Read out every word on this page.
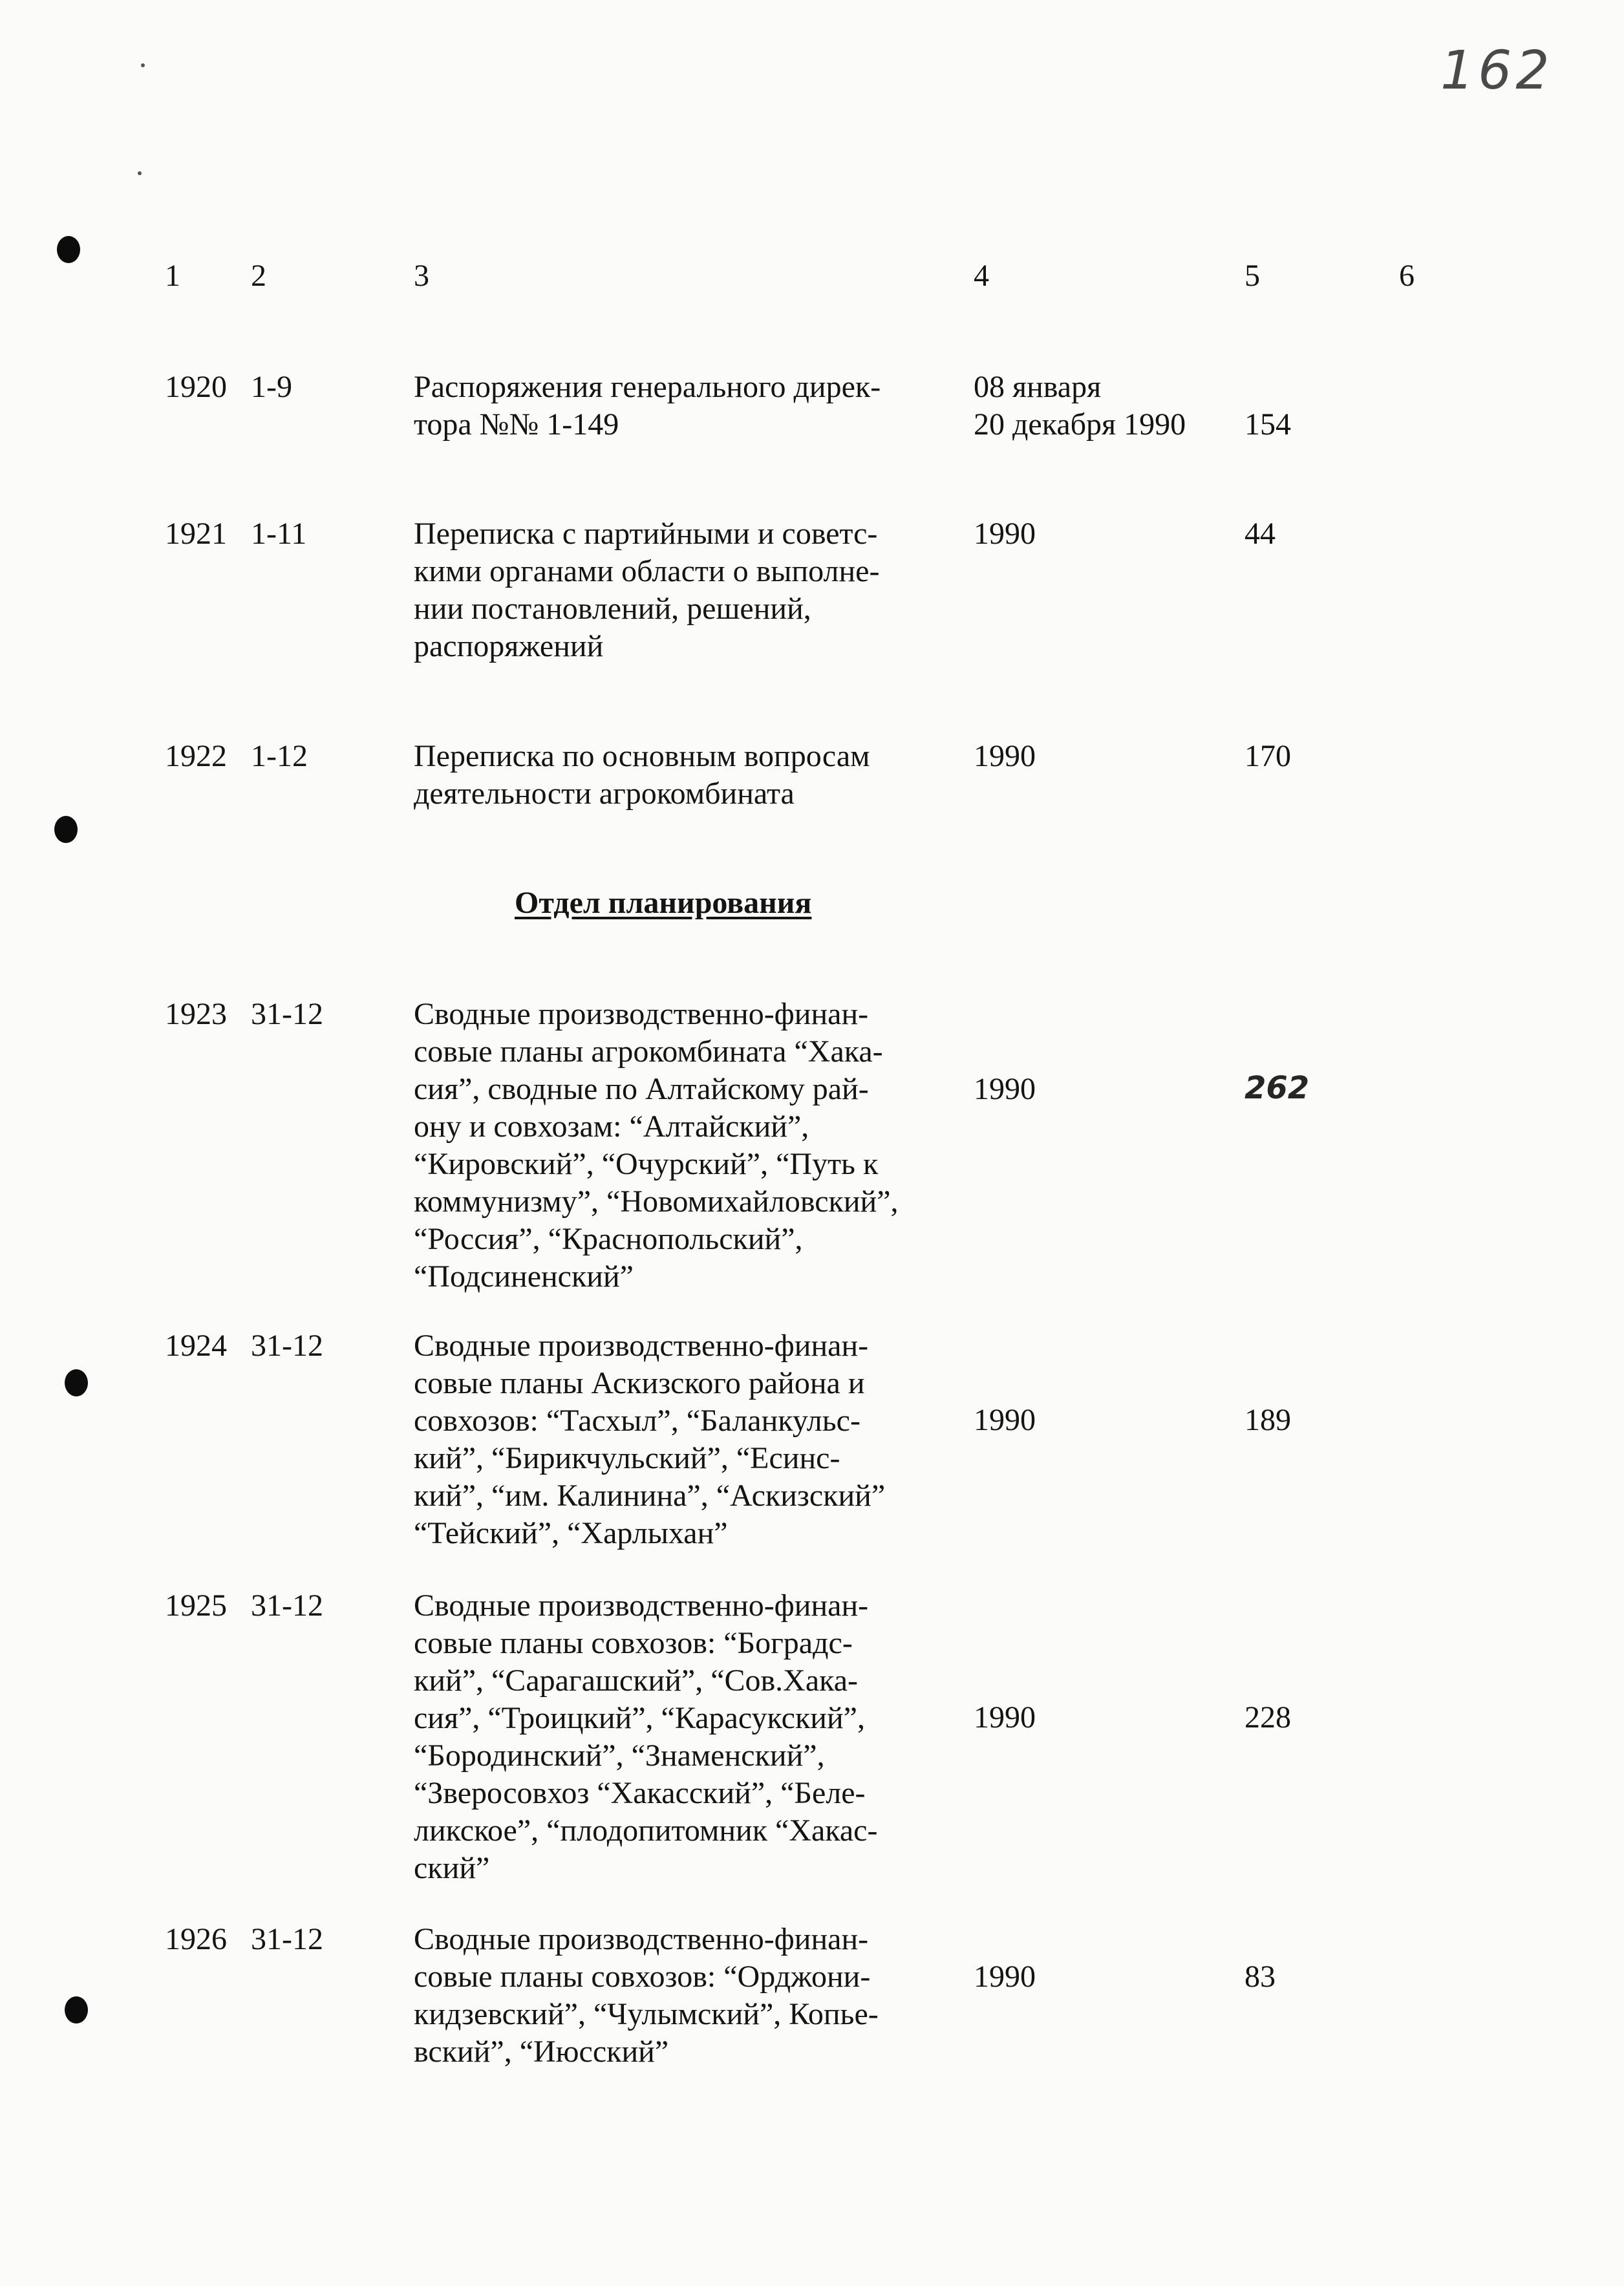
162
1 2	3	4	5	6
1920 1-9	Распоряжения генерального дирек-
тора №№ 1-149
08 января
20 декабря 1990 154
1921 1-11	Переписка с партийными и советс-
кими органами области о выполне-
нии постановлений, решений,
распоряжений
1990	44
1922 1-12	Переписка по основным вопросам
деятельности агрокомбината
1990	170
Отдел планирования
1923 31-12	Сводные производственно-финан-
совые планы агрокомбината “Хака-
сия”, сводные по Алтайскому рай-
ону и совхозам: “Алтайский”,
“Кировский”, “Очурский”, “Путь к
коммунизму”, “Новомихайловский”,
“Россия”, “Краснопольский”,
“Подсиненский”
1990	262
1924 31-12	Сводные производственно-финан-
совые планы Аскизского района и
совхозов: “Тасхыл”, “Баланкульс-
кий”, “Бирикчульский”, “Есинс-
кий”, “им. Калинина”, “Аскизский”
“Тейский”, “Харлыхан”
1990	189
1925 31-12	Сводные производственно-финан-
совые планы совхозов: “Боградс-
кий”, “Сарагашский”, “Сов.Хака-
сия”, “Троицкий”, “Карасукский”,
“Бородинский”, “Знаменский”,
“Зверосовхоз “Хакасский”, “Беле-
ликское”, “плодопитомник “Хакас-
ский”
1990	228
1926 31-12	Сводные производственно-финан-
совые планы совхозов: “Орджони-
кидзевский”, “Чулымский”, Копье-
вский”, “Июсский”
1990	83
